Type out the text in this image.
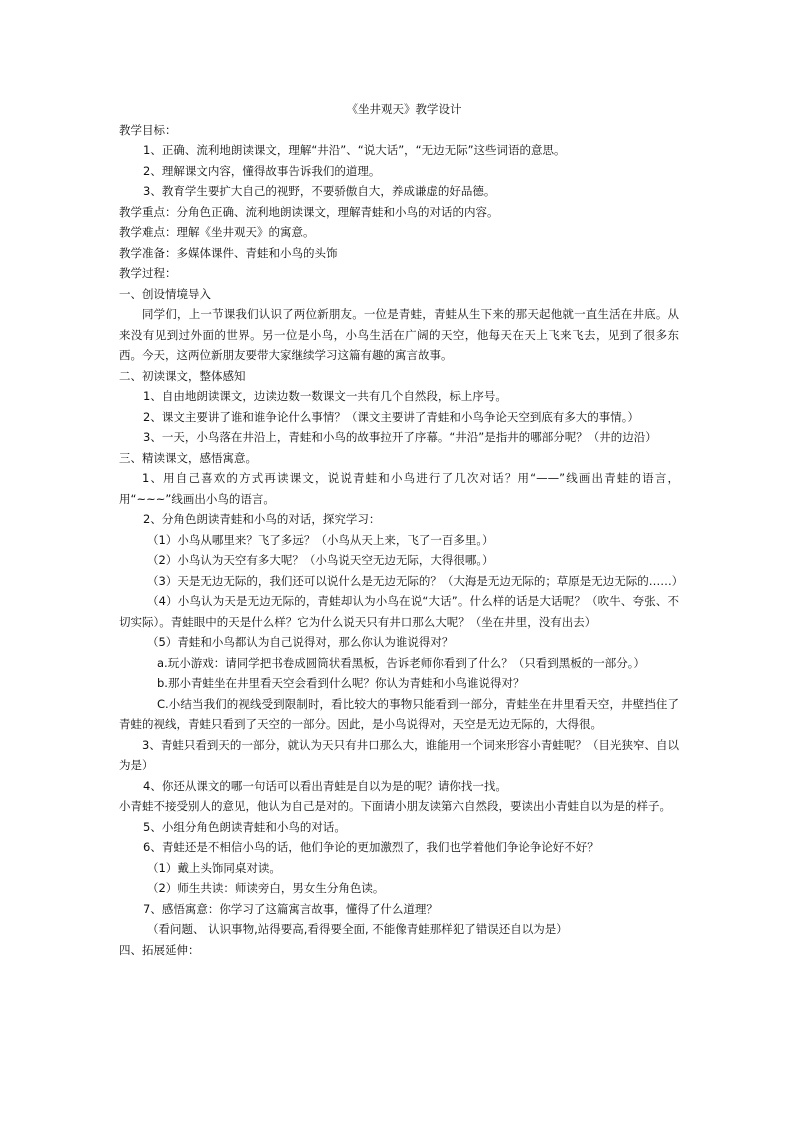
《坐井观天》教学设计

教学目标：

1、正确、流利地朗读课文，理解“井沿”、“说大话”，“无边无际”这些词语的意思。

2、理解课文内容，懂得故事告诉我们的道理。

3、教育学生要扩大自己的视野，不要骄傲自大，养成谦虚的好品德。

教学重点：分角色正确、流利地朗读课文，理解青蛙和小鸟的对话的内容。

教学难点：理解《坐井观天》的寓意。

教学准备：多媒体课件、青蛙和小鸟的头饰

教学过程：

一、创设情境导入

同学们，上一节课我们认识了两位新朋友。一位是青蛙，青蛙从生下来的那天起他就一直生活在井底。从来没有见到过外面的世界。另一位是小鸟，小鸟生活在广阔的天空，他每天在天上飞来飞去，见到了很多东西。今天，这两位新朋友要带大家继续学习这篇有趣的寓言故事。

二、初读课文，整体感知

1、自由地朗读课文，边读边数一数课文一共有几个自然段，标上序号。

2、课文主要讲了谁和谁争论什么事情？（课文主要讲了青蛙和小鸟争论天空到底有多大的事情。）

3、一天，小鸟落在井沿上，青蛙和小鸟的故事拉开了序幕。“井沿”是指井的哪部分呢？（井的边沿）

三、精读课文，感悟寓意。

1、用自己喜欢的方式再读课文，说说青蛙和小鸟进行了几次对话？用“——”线画出青蛙的语言，用“~~~”线画出小鸟的语言。

2、分角色朗读青蛙和小鸟的对话，探究学习：

（1）小鸟从哪里来？飞了多远？（小鸟从天上来，飞了一百多里。）

（2）小鸟认为天空有多大呢？（小鸟说天空无边无际，大得很哪。）

（3）天是无边无际的，我们还可以说什么是无边无际的？（大海是无边无际的；草原是无边无际的……）

（4）小鸟认为天是无边无际的，青蛙却认为小鸟在说“大话”。什么样的话是大话呢？（吹牛、夸张、不切实际）。青蛙眼中的天是什么样？它为什么说天只有井口那么大呢？（坐在井里，没有出去）

（5）青蛙和小鸟都认为自己说得对，那么你认为谁说得对？

a.玩小游戏：请同学把书卷成圆筒状看黑板，告诉老师你看到了什么？（只看到黑板的一部分。）

b.那小青蛙坐在井里看天空会看到什么呢？你认为青蛙和小鸟谁说得对？

C.小结当我们的视线受到限制时，看比较大的事物只能看到一部分，青蛙坐在井里看天空，井壁挡住了青蛙的视线，青蛙只看到了天空的一部分。因此，是小鸟说得对，天空是无边无际的，大得很。

3、青蛙只看到天的一部分，就认为天只有井口那么大，谁能用一个词来形容小青蛙呢？（目光狭窄、自以为是）

4、你还从课文的哪一句话可以看出青蛙是自以为是的呢？请你找一找。

小青蛙不接受别人的意见，他认为自己是对的。下面请小朋友读第六自然段，要读出小青蛙自以为是的样子。

5、小组分角色朗读青蛙和小鸟的对话。

6、青蛙还是不相信小鸟的话，他们争论的更加激烈了，我们也学着他们争论争论好不好？

（1）戴上头饰同桌对读。

（2）师生共读：师读旁白，男女生分角色读。

7、感悟寓意：你学习了这篇寓言故事，懂得了什么道理？

（看问题、 认识事物,站得要高,看得要全面, 不能像青蛙那样犯了错误还自以为是）

四、拓展延伸：
